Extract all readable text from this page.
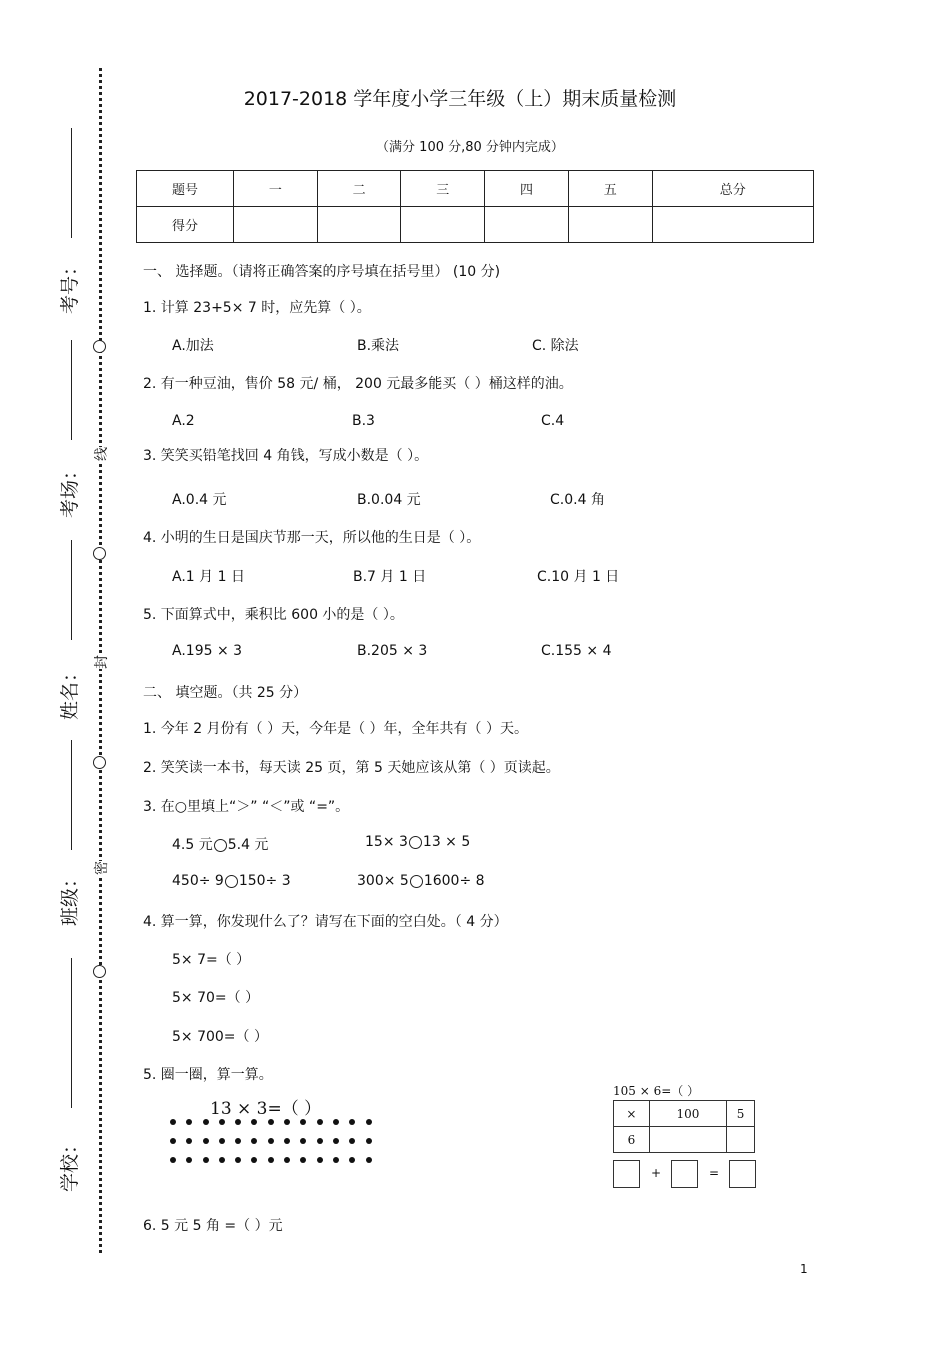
考号：
考场：
姓名：
班级：
学校：
线
封
密
2017-2018 学年度小学三年级（上）期末质量检测
（满分 100 分,80 分钟内完成）
题号	一	二	三	四	五	总分
得分						
一、 选择题。（请将正确答案的序号填在括号里） (10 分)
1. 计算 23+5× 7 时，应先算（ ）。
A.加法	B.乘法	C. 除法
2. 有一种豆油，售价 58 元/ 桶， 200 元最多能买（ ）桶这样的油。
A.2	B.3	C.4
3. 笑笑买铅笔找回 4 角钱，写成小数是（ ）。
A.0.4 元	B.0.04 元	C.0.4 角
4. 小明的生日是国庆节那一天，所以他的生日是（ ）。
A.1 月 1 日	B.7 月 1 日	C.10 月 1 日
5. 下面算式中，乘积比 600 小的是（ ）。
A.195 × 3	B.205 × 3	C.155 × 4
二、 填空题。（共 25 分）
1. 今年 2 月份有（ ）天，今年是（ ）年，全年共有（ ）天。
2. 笑笑读一本书，每天读 25 页，第 5 天她应该从第（ ）页读起。
3. 在○里填上“＞” “＜”或 “=”。
4.5 元 5.4 元	15× 3 13 × 5
450÷ 9 150÷ 3	300× 5 1600÷ 8
4. 算一算，你发现什么了？请写在下面的空白处。（ 4 分）
5× 7=（ ）
5× 70=（ ）
5× 700=（ ）
5. 圈一圈，算一算。
13 × 3=（ ）
105 × 6=（ ）
×	100	5
6		
+	=
6. 5 元 5 角 =（ ）元
1
